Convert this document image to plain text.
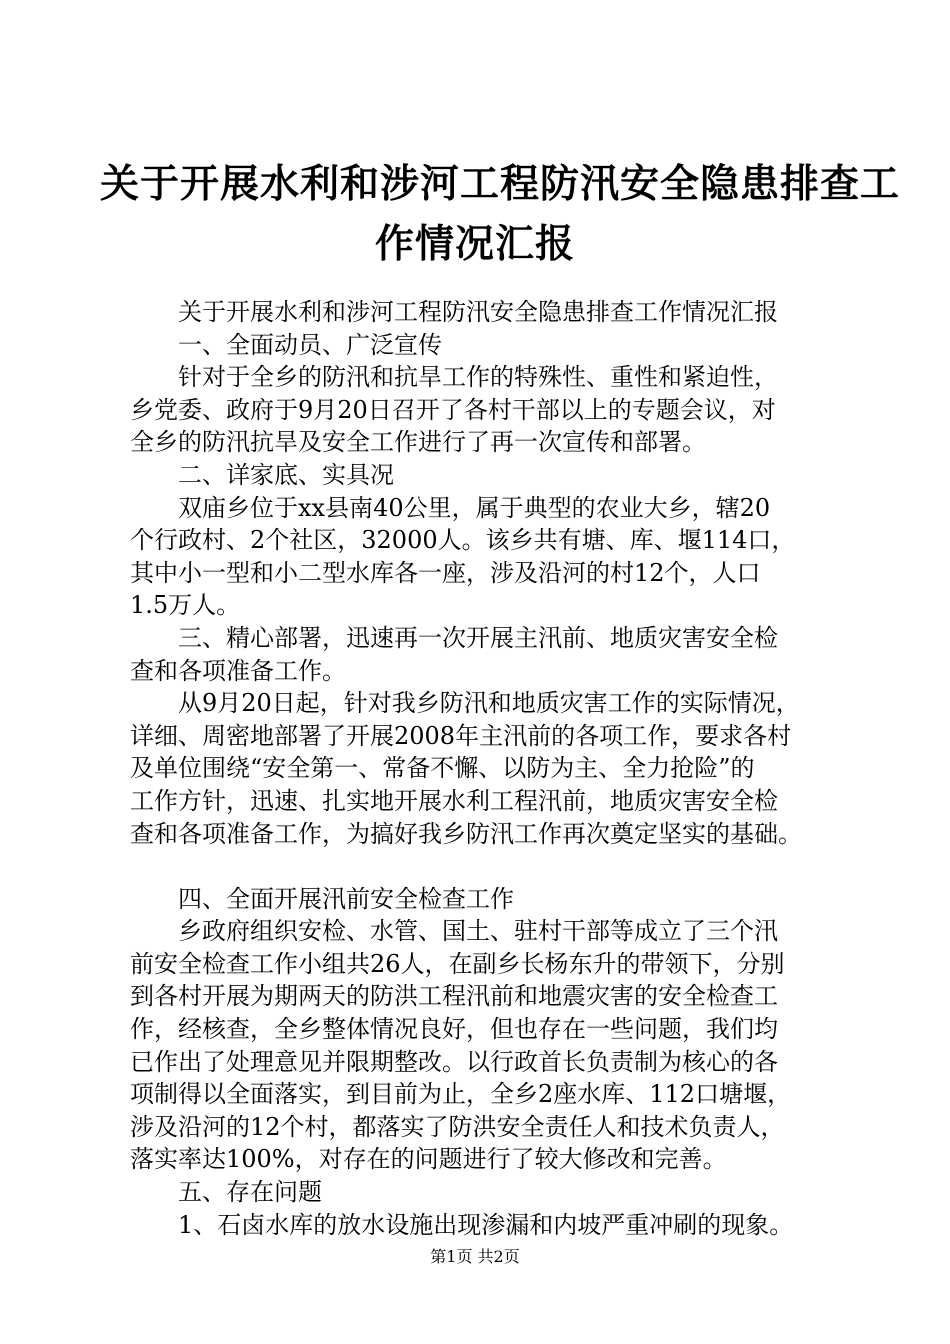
关于开展水利和涉河工程防汛安全隐患排查工
作情况汇报
关于开展水利和涉河工程防汛安全隐患排查工作情况汇报
一、全面动员、广泛宣传
针对于全乡的防汛和抗旱工作的特殊性、重性和紧迫性，
乡党委、政府于9月20日召开了各村干部以上的专题会议，对
全乡的防汛抗旱及安全工作进行了再一次宣传和部署。
二、详家底、实具况
双庙乡位于xx县南40公里，属于典型的农业大乡，辖20
个行政村、2个社区，32000人。该乡共有塘、库、堰114口，
其中小一型和小二型水库各一座，涉及沿河的村12个，人口
1.5万人。
三、精心部署，迅速再一次开展主汛前、地质灾害安全检
查和各项准备工作。
从9月20日起，针对我乡防汛和地质灾害工作的实际情况，
详细、周密地部署了开展2008年主汛前的各项工作，要求各村
及单位围绕“安全第一、常备不懈、以防为主、全力抢险”的
工作方针，迅速、扎实地开展水利工程汛前，地质灾害安全检
查和各项准备工作，为搞好我乡防汛工作再次奠定坚实的基础。
四、全面开展汛前安全检查工作
乡政府组织安检、水管、国土、驻村干部等成立了三个汛
前安全检查工作小组共26人，在副乡长杨东升的带领下，分别
到各村开展为期两天的防洪工程汛前和地震灾害的安全检查工
作，经核查，全乡整体情况良好，但也存在一些问题，我们均
已作出了处理意见并限期整改。以行政首长负责制为核心的各
项制得以全面落实，到目前为止，全乡2座水库、112口塘堰，
涉及沿河的12个村，都落实了防洪安全责任人和技术负责人，
落实率达100%，对存在的问题进行了较大修改和完善。
五、存在问题
1、石卤水库的放水设施出现渗漏和内坡严重冲刷的现象。
第1页 共2页
